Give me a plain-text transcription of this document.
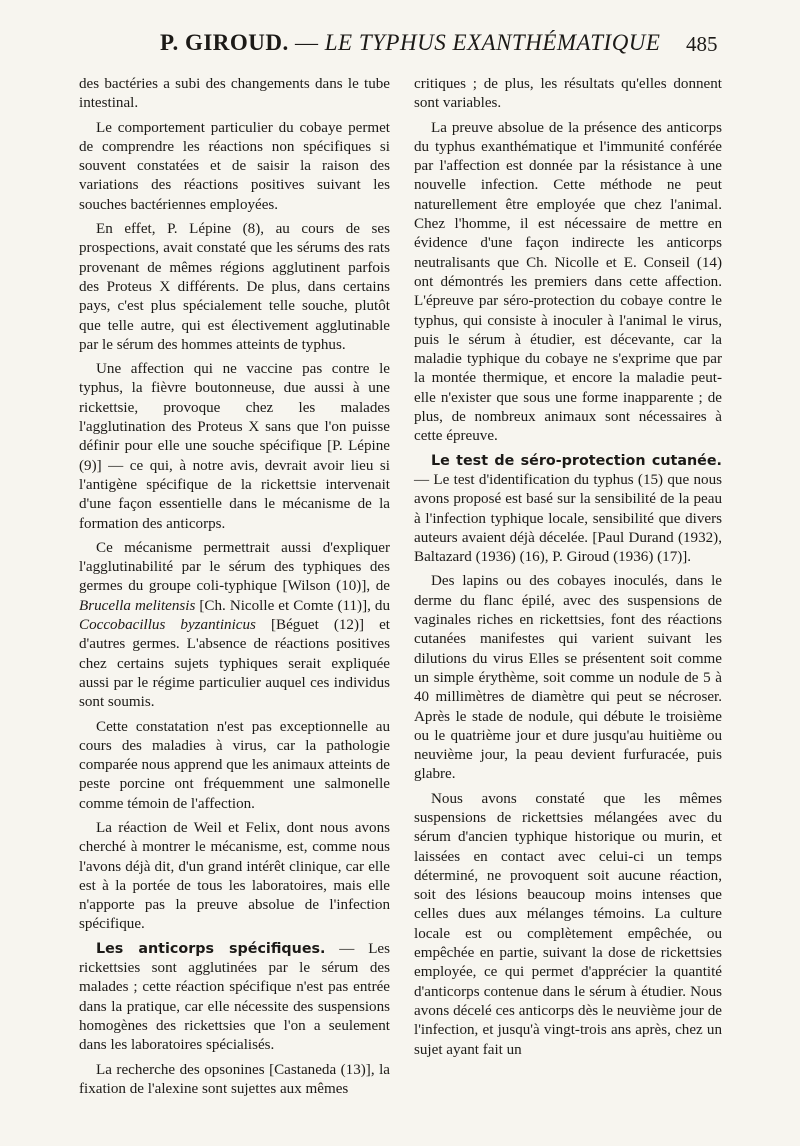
P. GIROUD. — LE TYPHUS EXANTHÉMATIQUE 485

des bactéries a subi des changements dans le tube intestinal.

Le comportement particulier du cobaye permet de comprendre les réactions non spécifiques si souvent constatées et de saisir la raison des variations des réactions positives suivant les souches bactériennes employées.

En effet, P. Lépine (8), au cours de ses prospections, avait constaté que les sérums des rats provenant de mêmes régions agglutinent parfois des Proteus X différents. De plus, dans certains pays, c'est plus spécialement telle souche, plutôt que telle autre, qui est électivement agglutinable par le sérum des hommes atteints de typhus.

Une affection qui ne vaccine pas contre le typhus, la fièvre boutonneuse, due aussi à une rickettsie, provoque chez les malades l'agglutination des Proteus X sans que l'on puisse définir pour elle une souche spécifique [P. Lépine (9)] — ce qui, à notre avis, devrait avoir lieu si l'antigène spécifique de la rickettsie intervenait d'une façon essentielle dans le mécanisme de la formation des anticorps.

Ce mécanisme permettrait aussi d'expliquer l'agglutinabilité par le sérum des typhiques des germes du groupe coli-typhique [Wilson (10)], de Brucella melitensis [Ch. Nicolle et Comte (11)], du Coccobacillus byzantinicus [Béguet (12)] et d'autres germes. L'absence de réactions positives chez certains sujets typhiques serait expliquée aussi par le régime particulier auquel ces individus sont soumis.

Cette constatation n'est pas exceptionnelle au cours des maladies à virus, car la pathologie comparée nous apprend que les animaux atteints de peste porcine ont fréquemment une salmonelle comme témoin de l'affection.

La réaction de Weil et Felix, dont nous avons cherché à montrer le mécanisme, est, comme nous l'avons déjà dit, d'un grand intérêt clinique, car elle est à la portée de tous les laboratoires, mais elle n'apporte pas la preuve absolue de l'infection spécifique.

Les anticorps spécifiques. — Les rickettsies sont agglutinées par le sérum des malades ; cette réaction spécifique n'est pas entrée dans la pratique, car elle nécessite des suspensions homogènes des rickettsies que l'on a seulement dans les laboratoires spécialisés.

La recherche des opsonines [Castaneda (13)], la fixation de l'alexine sont sujettes aux mêmes

critiques ; de plus, les résultats qu'elles donnent sont variables.

La preuve absolue de la présence des anticorps du typhus exanthématique et l'immunité conférée par l'affection est donnée par la résistance à une nouvelle infection. Cette méthode ne peut naturellement être employée que chez l'animal. Chez l'homme, il est nécessaire de mettre en évidence d'une façon indirecte les anticorps neutralisants que Ch. Nicolle et E. Conseil (14) ont démontrés les premiers dans cette affection. L'épreuve par séro-protection du cobaye contre le typhus, qui consiste à inoculer à l'animal le virus, puis le sérum à étudier, est décevante, car la maladie typhique du cobaye ne s'exprime que par la montée thermique, et encore la maladie peut-elle n'exister que sous une forme inapparente ; de plus, de nombreux animaux sont nécessaires à cette épreuve.

Le test de séro-protection cutanée. — Le test d'identification du typhus (15) que nous avons proposé est basé sur la sensibilité de la peau à l'infection typhique locale, sensibilité que divers auteurs avaient déjà décelée. [Paul Durand (1932), Baltazard (1936) (16), P. Giroud (1936) (17)].

Des lapins ou des cobayes inoculés, dans le derme du flanc épilé, avec des suspensions de vaginales riches en rickettsies, font des réactions cutanées manifestes qui varient suivant les dilutions du virus Elles se présentent soit comme un simple érythème, soit comme un nodule de 5 à 40 millimètres de diamètre qui peut se nécroser. Après le stade de nodule, qui débute le troisième ou le quatrième jour et dure jusqu'au huitième ou neuvième jour, la peau devient furfuracée, puis glabre.

Nous avons constaté que les mêmes suspensions de rickettsies mélangées avec du sérum d'ancien typhique historique ou murin, et laissées en contact avec celui-ci un temps déterminé, ne provoquent soit aucune réaction, soit des lésions beaucoup moins intenses que celles dues aux mélanges témoins. La culture locale est ou complètement empêchée, ou empêchée en partie, suivant la dose de rickettsies employée, ce qui permet d'apprécier la quantité d'anticorps contenue dans le sérum à étudier. Nous avons décelé ces anticorps dès le neuvième jour de l'infection, et jusqu'à vingt-trois ans après, chez un sujet ayant fait un
